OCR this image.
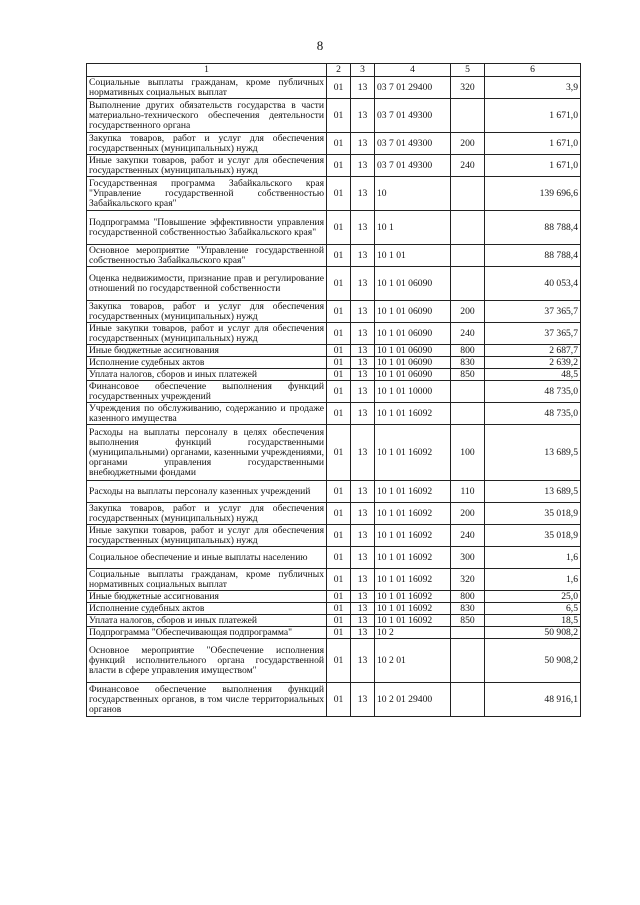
8
1	2	3	4	5	6
Социальные выплаты гражданам, кроме публичных нормативных социальных выплат	01	13	03 7 01 29400	320	3,9
Выполнение других обязательств государства в части материально-технического обеспечения деятельности государственного органа	01	13	03 7 01 49300		1 671,0
Закупка товаров, работ и услуг для обеспечения государственных (муниципальных) нужд	01	13	03 7 01 49300	200	1 671,0
Иные закупки товаров, работ и услуг для обеспечения государственных (муниципальных) нужд	01	13	03 7 01 49300	240	1 671,0
Государственная программа Забайкальского края "Управление государственной собственностью Забайкальского края"	01	13	10		139 696,6
Подпрограмма "Повышение эффективности управления государственной собственностью Забайкальского края"	01	13	10 1		88 788,4
Основное мероприятие "Управление государственной собственностью Забайкальского края"	01	13	10 1 01		88 788,4
Оценка недвижимости, признание прав и регулирование отношений по государственной собственности	01	13	10 1 01 06090		40 053,4
Закупка товаров, работ и услуг для обеспечения государственных (муниципальных) нужд	01	13	10 1 01 06090	200	37 365,7
Иные закупки товаров, работ и услуг для обеспечения государственных (муниципальных) нужд	01	13	10 1 01 06090	240	37 365,7
Иные бюджетные ассигнования	01	13	10 1 01 06090	800	2 687,7
Исполнение судебных актов	01	13	10 1 01 06090	830	2 639,2
Уплата налогов, сборов и иных платежей	01	13	10 1 01 06090	850	48,5
Финансовое обеспечение выполнения функций государственных учреждений	01	13	10 1 01 10000		48 735,0
Учреждения по обслуживанию, содержанию и продаже казенного имущества	01	13	10 1 01 16092		48 735,0
Расходы на выплаты персоналу в целях обеспечения выполнения функций государственными (муниципальными) органами, казенными учреждениями, органами управления государственными внебюджетными фондами	01	13	10 1 01 16092	100	13 689,5
Расходы на выплаты персоналу казенных учреждений	01	13	10 1 01 16092	110	13 689,5
Закупка товаров, работ и услуг для обеспечения государственных (муниципальных) нужд	01	13	10 1 01 16092	200	35 018,9
Иные закупки товаров, работ и услуг для обеспечения государственных (муниципальных) нужд	01	13	10 1 01 16092	240	35 018,9
Социальное обеспечение и иные выплаты населению	01	13	10 1 01 16092	300	1,6
Социальные выплаты гражданам, кроме публичных нормативных социальных выплат	01	13	10 1 01 16092	320	1,6
Иные бюджетные ассигнования	01	13	10 1 01 16092	800	25,0
Исполнение судебных актов	01	13	10 1 01 16092	830	6,5
Уплата налогов, сборов и иных платежей	01	13	10 1 01 16092	850	18,5
Подпрограмма "Обеспечивающая подпрограмма"	01	13	10 2		50 908,2
Основное мероприятие "Обеспечение исполнения функций исполнительного органа государственной власти в сфере управления имуществом"	01	13	10 2 01		50 908,2
Финансовое обеспечение выполнения функций государственных органов, в том числе территориальных органов	01	13	10 2 01 29400		48 916,1
